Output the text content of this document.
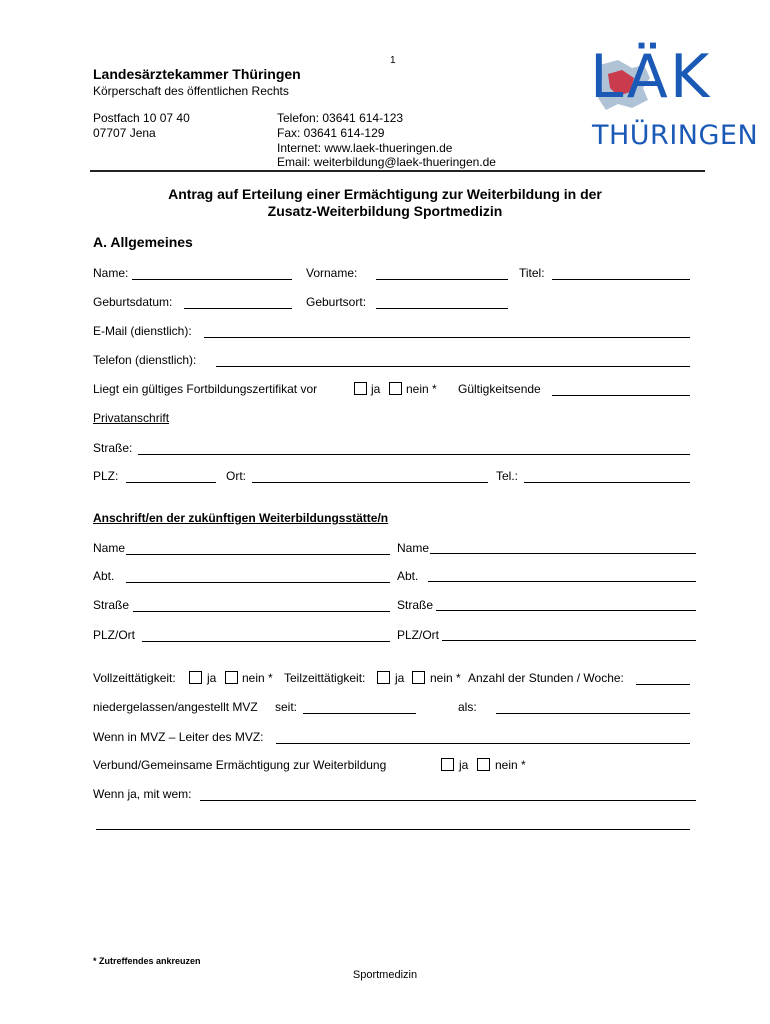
1
Landesärztekammer Thüringen
Körperschaft des öffentlichen Rechts
Postfach 10 07 40
07707 Jena
Telefon: 03641 614-123
Fax: 03641 614-129
Internet: www.laek-thueringen.de
Email: weiterbildung@laek-thueringen.de
LÄK
THÜRINGEN
Antrag auf Erteilung einer Ermächtigung zur Weiterbildung in der
Zusatz-Weiterbildung Sportmedizin
A. Allgemeines
Name:	Vorname:	Titel:
Geburtsdatum:	Geburtsort:
E-Mail (dienstlich):
Telefon (dienstlich):
Liegt ein gültiges Fortbildungszertifikat vor	ja nein * Gültigkeitsende
Privatanschrift
Straße:
PLZ:	Ort:	Tel.:
Anschrift/en der zukünftigen Weiterbildungsstätte/n
Name	Name
Abt.	Abt.
Straße	Straße
PLZ/Ort	PLZ/Ort
Vollzeittätigkeit:	ja nein * Teilzeittätigkeit: ja nein * Anzahl der Stunden / Woche:
niedergelassen/angestellt MVZ seit:	als:
Wenn in MVZ – Leiter des MVZ:
Verbund/Gemeinsame Ermächtigung zur Weiterbildung	ja nein *
Wenn ja, mit wem:
* Zutreffendes ankreuzen
Sportmedizin
